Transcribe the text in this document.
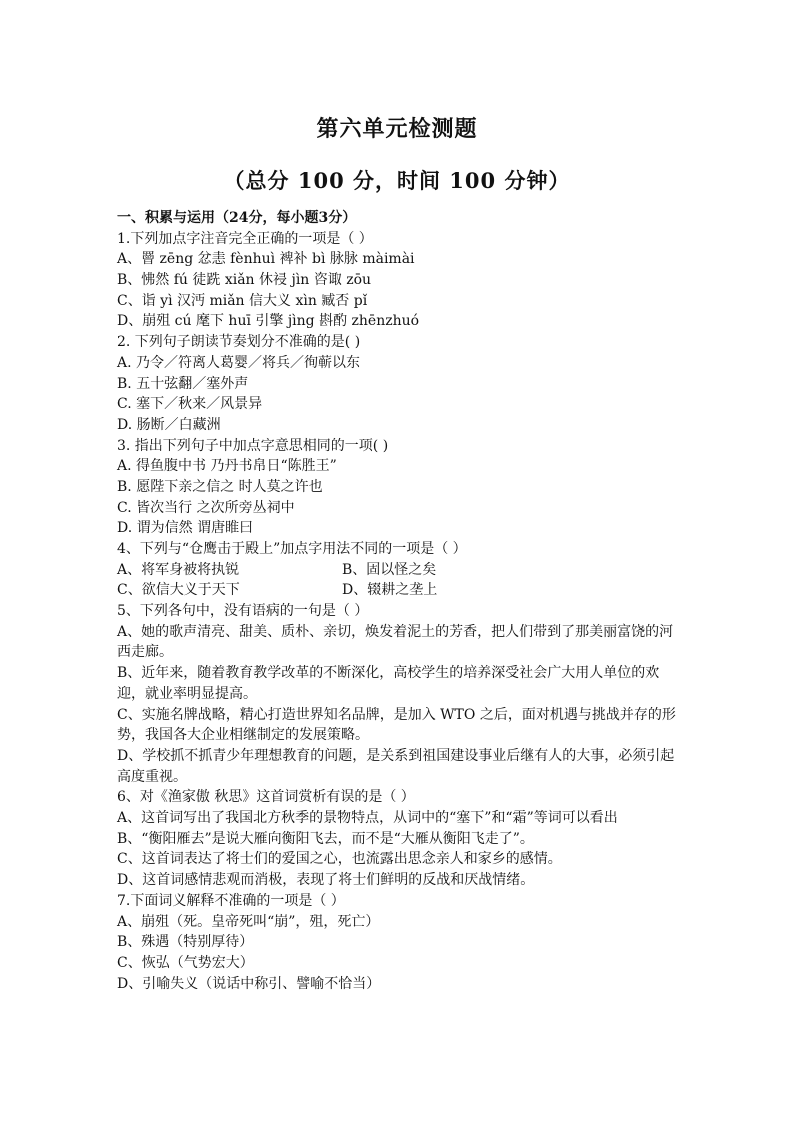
第六单元检测题
（总分 100 分，时间 100 分钟）
一、积累与运用（24分，每小题3分）
1.下列加点字注音完全正确的一项是（ ）
A、罾 zēng 忿恚 fènhuì 裨补 bì 脉脉 màimài
B、怫然 fú 徒跣 xiǎn 休祲 jìn 咨诹 zōu
C、诣 yì 汉沔 miǎn 信大义 xìn 臧否 pǐ
D、崩殂 cú 麾下 huī 引擎 jìng 斟酌 zhēnzhuó
2. 下列句子朗读节奏划分不准确的是( )
A. 乃令／符离人葛婴／将兵／徇蕲以东
B. 五十弦翻／塞外声
C. 塞下／秋来／风景异
D. 肠断／白藏洲
3. 指出下列句子中加点字意思相同的一项( )
A. 得鱼腹中书 乃丹书帛日“陈胜王”
B. 愿陛下亲之信之 时人莫之许也
C. 皆次当行 之次所旁丛祠中
D. 谓为信然 谓唐睢曰
4、下列与“仓鹰击于殿上”加点字用法不同的一项是（ ）
A、将军身被将执锐	B、固以怪之矣
C、欲信大义于天下	D、辍耕之垄上
5、下列各句中，没有语病的一句是（ ）
A、她的歌声清亮、甜美、质朴、亲切，焕发着泥土的芳香，把人们带到了那美丽富饶的河西走廊。
B、近年来，随着教育教学改革的不断深化，高校学生的培养深受社会广大用人单位的欢迎，就业率明显提高。
C、实施名牌战略，精心打造世界知名品牌，是加入 WTO 之后，面对机遇与挑战并存的形势，我国各大企业相继制定的发展策略。
D、学校抓不抓青少年理想教育的问题，是关系到祖国建设事业后继有人的大事，必须引起高度重视。
6、对《渔家傲 秋思》这首词赏析有误的是（ ）
A、这首词写出了我国北方秋季的景物特点，从词中的“塞下”和“霜”等词可以看出
B、“衡阳雁去”是说大雁向衡阳飞去，而不是“大雁从衡阳飞走了”。
C、这首词表达了将士们的爱国之心，也流露出思念亲人和家乡的感情。
D、这首词感情悲观而消极，表现了将士们鲜明的反战和厌战情绪。
7.下面词义解释不准确的一项是（ ）
A、崩殂（死。皇帝死叫“崩”，殂，死亡）
B、殊遇（特别厚待）
C、恢弘（气势宏大）
D、引喻失义（说话中称引、譬喻不恰当）
